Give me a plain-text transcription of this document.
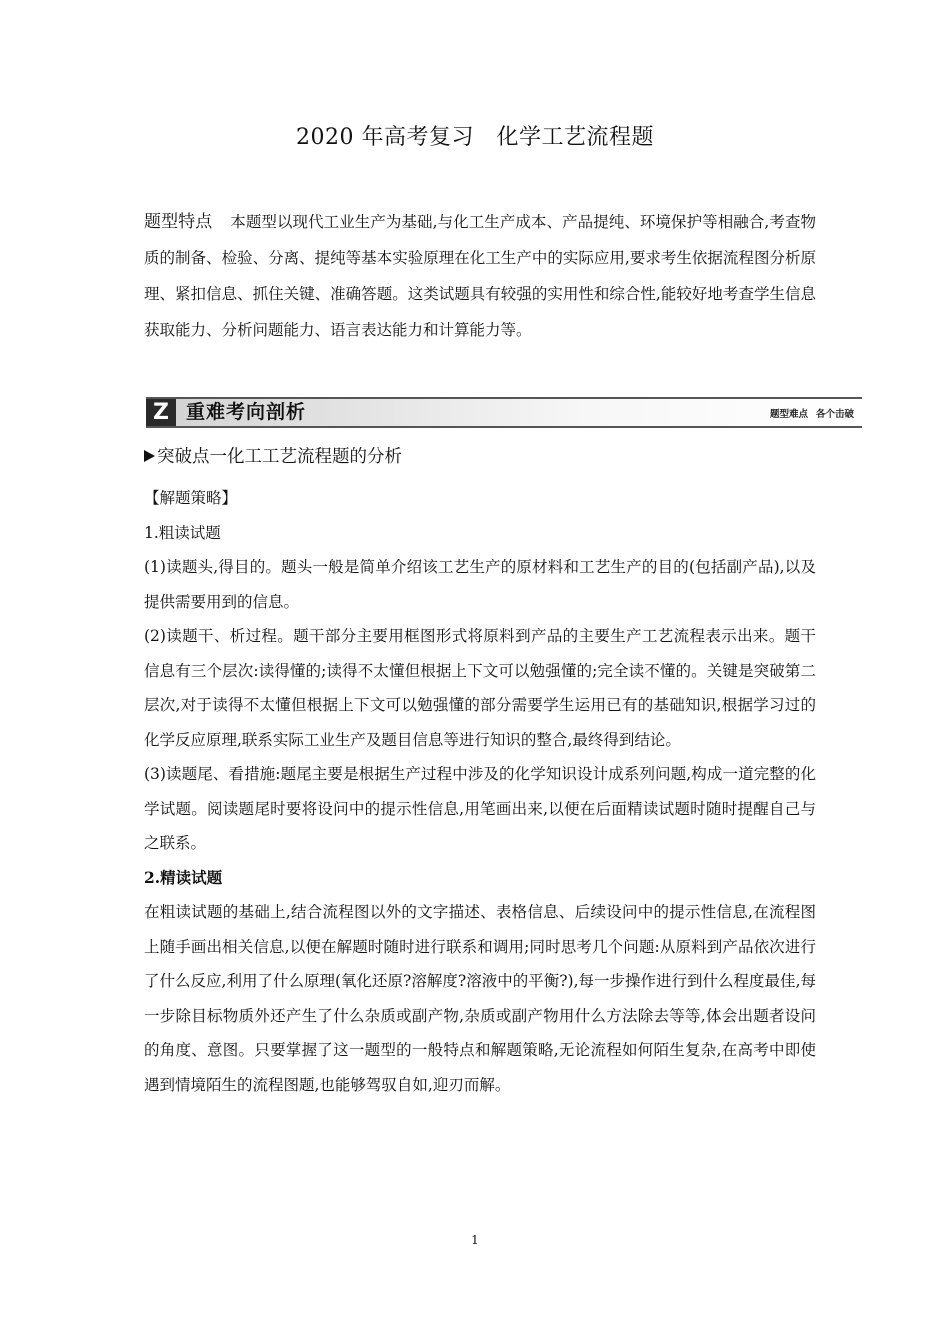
2020 年高考复习　化学工艺流程题
题型特点 本题型以现代工业生产为基础,与化工生产成本、产品提纯、环境保护等相融合,考查物质的制备、检验、分离、提纯等基本实验原理在化工生产中的实际应用,要求考生依据流程图分析原理、紧扣信息、抓住关键、准确答题。这类试题具有较强的实用性和综合性,能较好地考查学生信息获取能力、分析问题能力、语言表达能力和计算能力等。
Z 重难考向剖析	题型难点 各个击破
突破点一化工工艺流程题的分析

【解题策略】

1.粗读试题

(1)读题头,得目的。题头一般是简单介绍该工艺生产的原材料和工艺生产的目的(包括副产品),以及提供需要用到的信息。

(2)读题干、析过程。题干部分主要用框图形式将原料到产品的主要生产工艺流程表示出来。题干信息有三个层次:读得懂的;读得不太懂但根据上下文可以勉强懂的;完全读不懂的。关键是突破第二层次,对于读得不太懂但根据上下文可以勉强懂的部分需要学生运用已有的基础知识,根据学习过的化学反应原理,联系实际工业生产及题目信息等进行知识的整合,最终得到结论。

(3)读题尾、看措施:题尾主要是根据生产过程中涉及的化学知识设计成系列问题,构成一道完整的化学试题。阅读题尾时要将设问中的提示性信息,用笔画出来,以便在后面精读试题时随时提醒自己与之联系。

2.精读试题

在粗读试题的基础上,结合流程图以外的文字描述、表格信息、后续设问中的提示性信息,在流程图上随手画出相关信息,以便在解题时随时进行联系和调用;同时思考几个问题:从原料到产品依次进行了什么反应,利用了什么原理(氧化还原?溶解度?溶液中的平衡?),每一步操作进行到什么程度最佳,每一步除目标物质外还产生了什么杂质或副产物,杂质或副产物用什么方法除去等等,体会出题者设问的角度、意图。只要掌握了这一题型的一般特点和解题策略,无论流程如何陌生复杂,在高考中即使遇到情境陌生的流程图题,也能够驾驭自如,迎刃而解。

1
